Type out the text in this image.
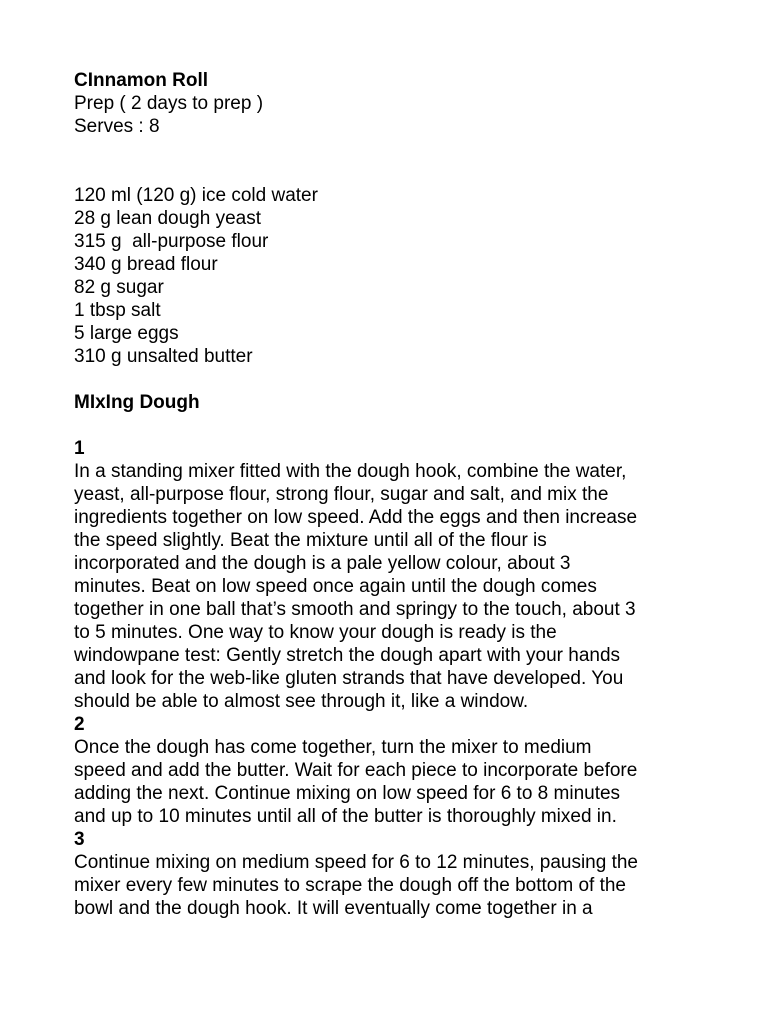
CInnamon Roll
Prep ( 2 days to prep )
Serves : 8
120 ml (120 g) ice cold water
28 g lean dough yeast
315 g  all-purpose flour
340 g bread flour
82 g sugar
1 tbsp salt
5 large eggs
310 g unsalted butter
MIxIng Dough
1
In a standing mixer fitted with the dough hook, combine the water,
yeast, all-purpose flour, strong flour, sugar and salt, and mix the
ingredients together on low speed. Add the eggs and then increase
the speed slightly. Beat the mixture until all of the flour is
incorporated and the dough is a pale yellow colour, about 3
minutes. Beat on low speed once again until the dough comes
together in one ball that’s smooth and springy to the touch, about 3
to 5 minutes. One way to know your dough is ready is the
windowpane test: Gently stretch the dough apart with your hands
and look for the web-like gluten strands that have developed. You
should be able to almost see through it, like a window.
2
Once the dough has come together, turn the mixer to medium
speed and add the butter. Wait for each piece to incorporate before
adding the next. Continue mixing on low speed for 6 to 8 minutes
and up to 10 minutes until all of the butter is thoroughly mixed in.
3
Continue mixing on medium speed for 6 to 12 minutes, pausing the
mixer every few minutes to scrape the dough off the bottom of the
bowl and the dough hook. It will eventually come together in a
